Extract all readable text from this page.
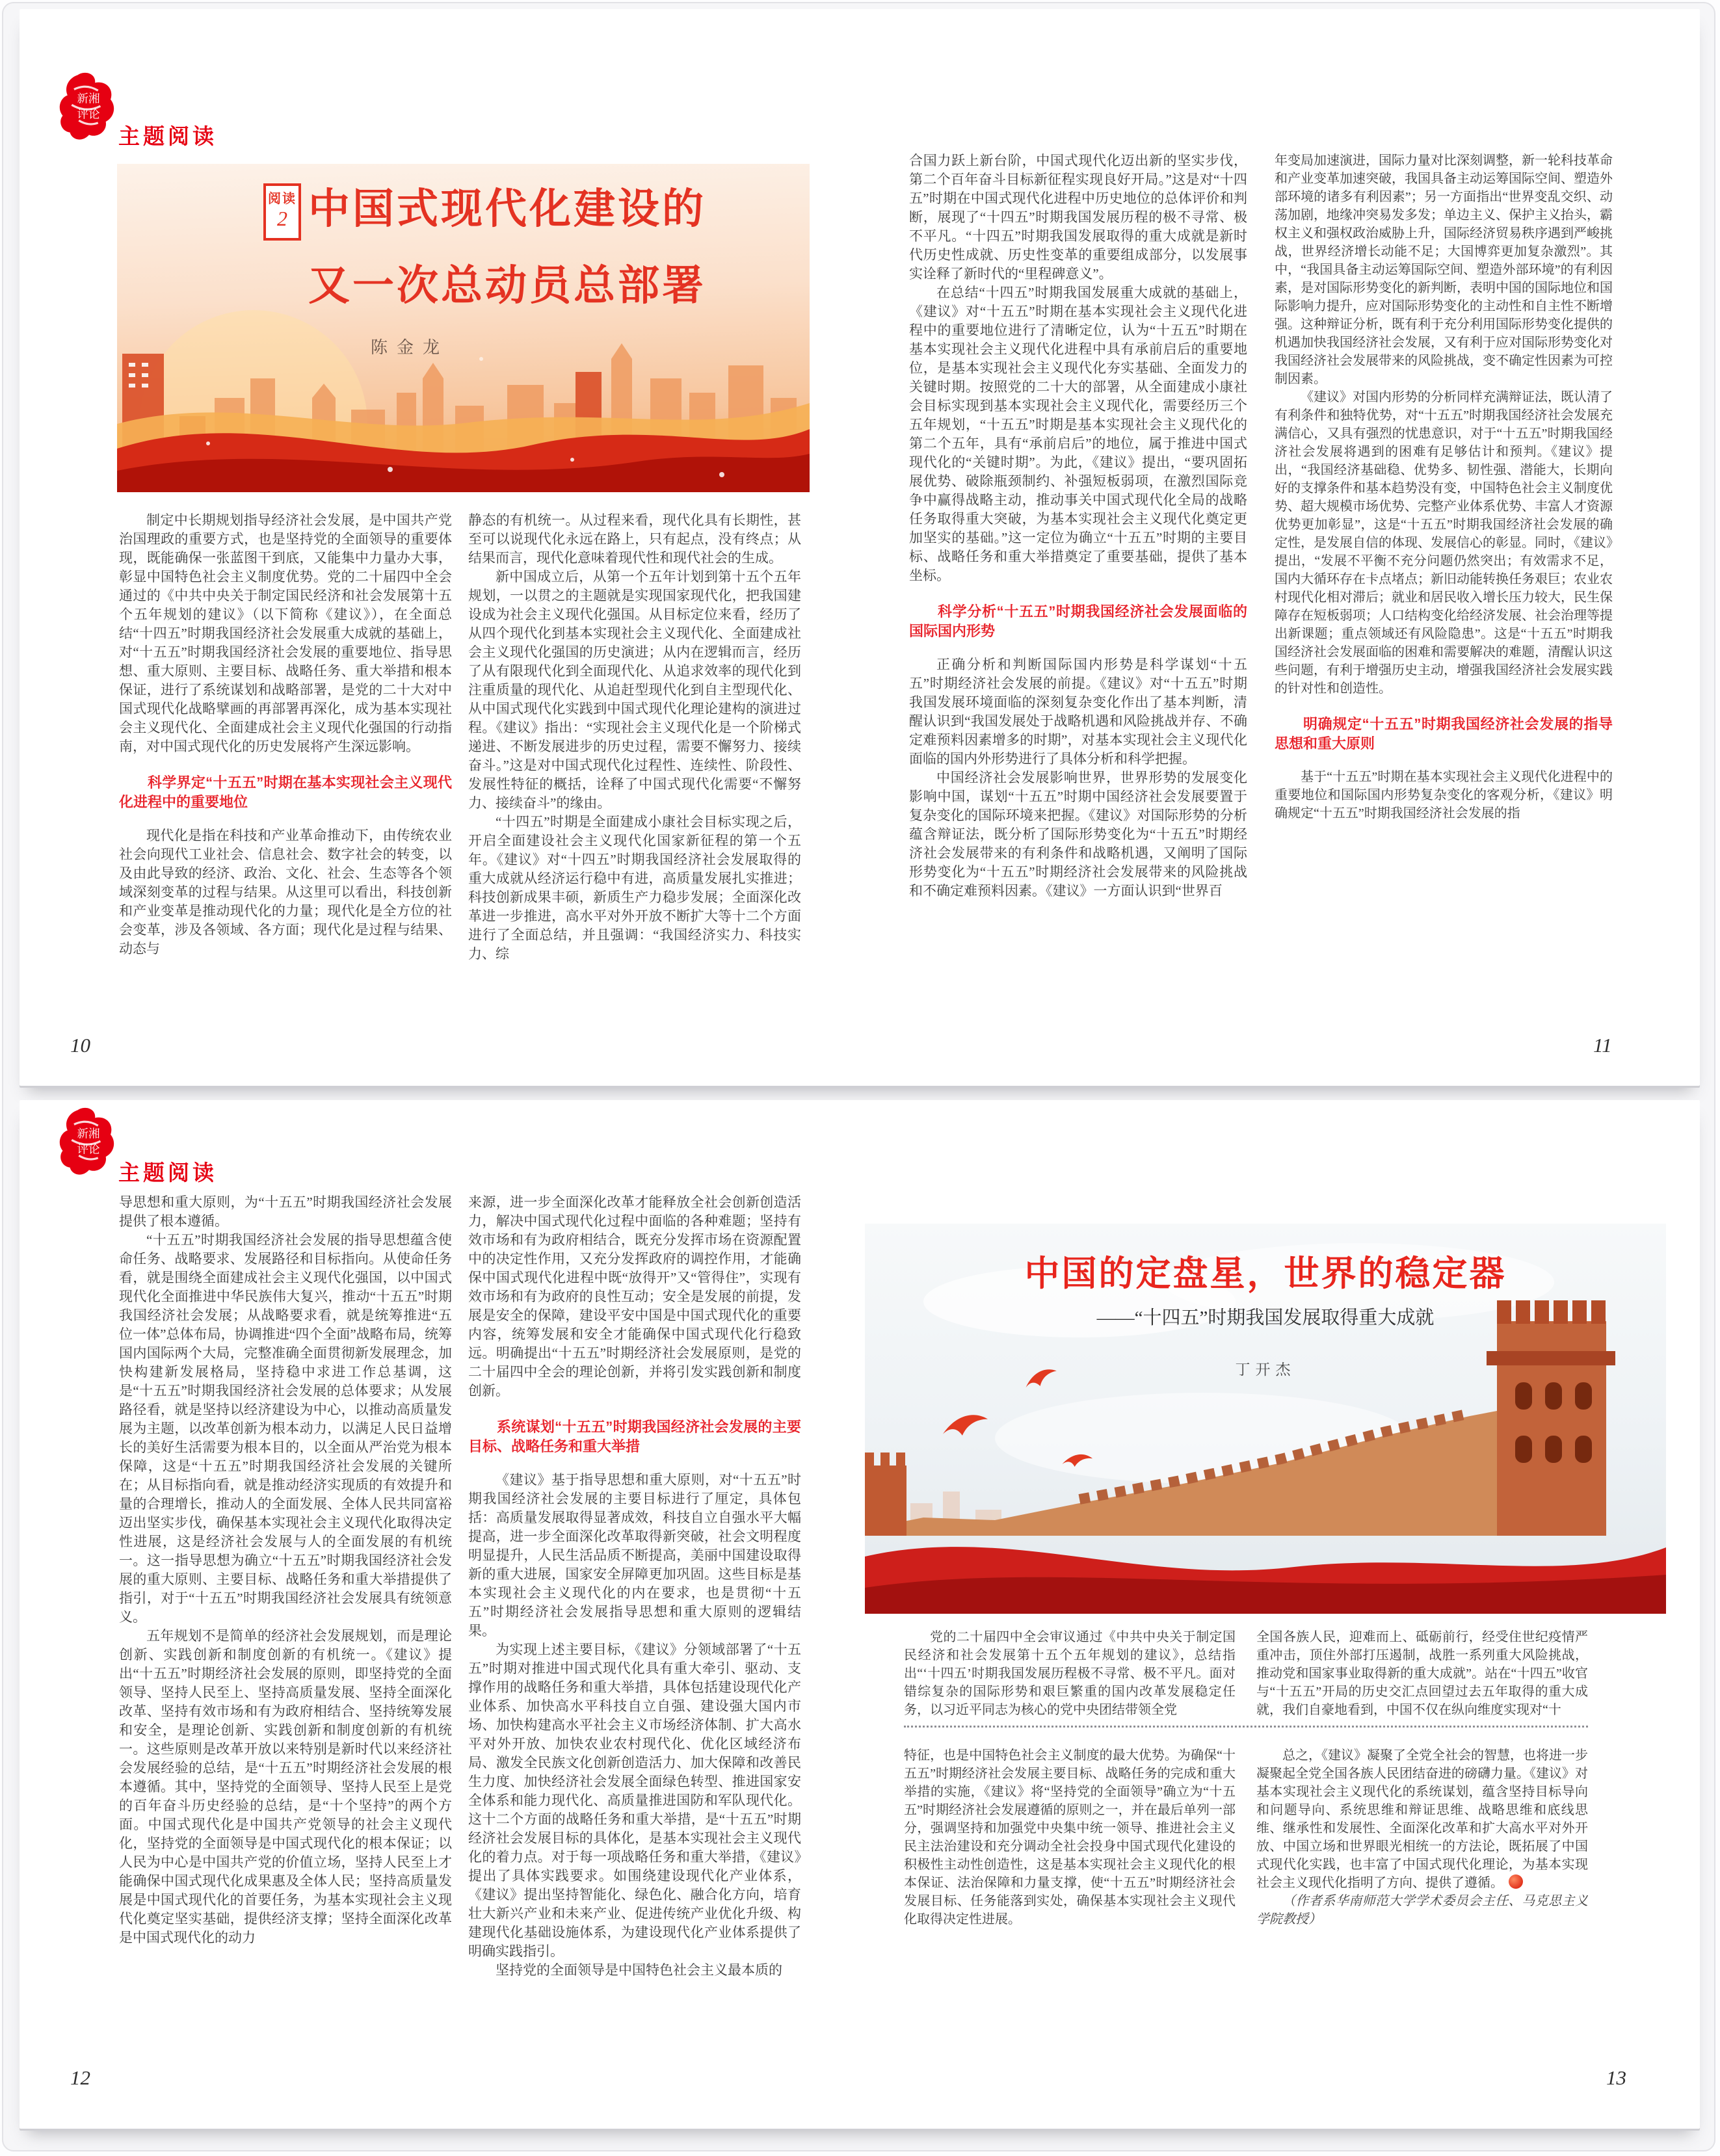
新湘
评论
主题阅读
阅读
2 中国式现代化建设的
又一次总动员总部署
陈金龙

制定中长期规划指导经济社会发展，是中国共产党治国理政的重要方式，也是坚持党的全面领导的重要体现，既能确保一张蓝图干到底，又能集中力量办大事，彰显中国特色社会主义制度优势。党的二十届四中全会通过的《中共中央关于制定国民经济和社会发展第十五个五年规划的建议》（以下简称《建议》），在全面总结“十四五”时期我国经济社会发展重大成就的基础上，对“十五五”时期我国经济社会发展的重要地位、指导思想、重大原则、主要目标、战略任务、重大举措和根本保证，进行了系统谋划和战略部署，是党的二十大对中国式现代化战略擘画的再部署再深化，成为基本实现社会主义现代化、全面建成社会主义现代化强国的行动指南，对中国式现代化的历史发展将产生深远影响。

科学界定“十五五”时期在基本实现社会主义现代化进程中的重要地位

现代化是指在科技和产业革命推动下，由传统农业社会向现代工业社会、信息社会、数字社会的转变，以及由此导致的经济、政治、文化、社会、生态等各个领域深刻变革的过程与结果。从这里可以看出，科技创新和产业变革是推动现代化的力量；现代化是全方位的社会变革，涉及各领域、各方面；现代化是过程与结果、动态与

静态的有机统一。从过程来看，现代化具有长期性，甚至可以说现代化永远在路上，只有起点，没有终点；从结果而言，现代化意味着现代性和现代社会的生成。

新中国成立后，从第一个五年计划到第十五个五年规划，一以贯之的主题就是实现国家现代化，把我国建设成为社会主义现代化强国。从目标定位来看，经历了从四个现代化到基本实现社会主义现代化、全面建成社会主义现代化强国的历史演进；从内在逻辑而言，经历了从有限现代化到全面现代化、从追求效率的现代化到注重质量的现代化、从追赶型现代化到自主型现代化、从中国式现代化实践到中国式现代化理论建构的演进过程。《建议》指出：“实现社会主义现代化是一个阶梯式递进、不断发展进步的历史过程，需要不懈努力、接续奋斗。”这是对中国式现代化过程性、连续性、阶段性、发展性特征的概括，诠释了中国式现代化需要“不懈努力、接续奋斗”的缘由。

“十四五”时期是全面建成小康社会目标实现之后，开启全面建设社会主义现代化国家新征程的第一个五年。《建议》对“十四五”时期我国经济社会发展取得的重大成就从经济运行稳中有进，高质量发展扎实推进；科技创新成果丰硕，新质生产力稳步发展；全面深化改革进一步推进，高水平对外开放不断扩大等十二个方面进行了全面总结，并且强调：“我国经济实力、科技实力、综

合国力跃上新台阶，中国式现代化迈出新的坚实步伐，第二个百年奋斗目标新征程实现良好开局。”这是对“十四五”时期在中国式现代化进程中历史地位的总体评价和判断，展现了“十四五”时期我国发展历程的极不寻常、极不平凡。“十四五”时期我国发展取得的重大成就是新时代历史性成就、历史性变革的重要组成部分，以发展事实诠释了新时代的“里程碑意义”。

在总结“十四五”时期我国发展重大成就的基础上，《建议》对“十五五”时期在基本实现社会主义现代化进程中的重要地位进行了清晰定位，认为“十五五”时期在基本实现社会主义现代化进程中具有承前启后的重要地位，是基本实现社会主义现代化夯实基础、全面发力的关键时期。按照党的二十大的部署，从全面建成小康社会目标实现到基本实现社会主义现代化，需要经历三个五年规划，“十五五”时期是基本实现社会主义现代化的第二个五年，具有“承前启后”的地位，属于推进中国式现代化的“关键时期”。为此，《建议》提出，“要巩固拓展优势、破除瓶颈制约、补强短板弱项，在激烈国际竞争中赢得战略主动，推动事关中国式现代化全局的战略任务取得重大突破，为基本实现社会主义现代化奠定更加坚实的基础。”这一定位为确立“十五五”时期的主要目标、战略任务和重大举措奠定了重要基础，提供了基本坐标。

科学分析“十五五”时期我国经济社会发展面临的国际国内形势

正确分析和判断国际国内形势是科学谋划“十五五”时期经济社会发展的前提。《建议》对“十五五”时期我国发展环境面临的深刻复杂变化作出了基本判断，清醒认识到“我国发展处于战略机遇和风险挑战并存、不确定难预料因素增多的时期”，对基本实现社会主义现代化面临的国内外形势进行了具体分析和科学把握。

中国经济社会发展影响世界，世界形势的发展变化影响中国，谋划“十五五”时期中国经济社会发展要置于复杂变化的国际环境来把握。《建议》对国际形势的分析蕴含辩证法，既分析了国际形势变化为“十五五”时期经济社会发展带来的有利条件和战略机遇，又阐明了国际形势变化为“十五五”时期经济社会发展带来的风险挑战和不确定难预料因素。《建议》一方面认识到“世界百

年变局加速演进，国际力量对比深刻调整，新一轮科技革命和产业变革加速突破，我国具备主动运筹国际空间、塑造外部环境的诸多有利因素”；另一方面指出“世界变乱交织、动荡加剧，地缘冲突易发多发；单边主义、保护主义抬头，霸权主义和强权政治威胁上升，国际经济贸易秩序遇到严峻挑战，世界经济增长动能不足；大国博弈更加复杂激烈”。其中，“我国具备主动运筹国际空间、塑造外部环境”的有利因素，是对国际形势变化的新判断，表明中国的国际地位和国际影响力提升，应对国际形势变化的主动性和自主性不断增强。这种辩证分析，既有利于充分利用国际形势变化提供的机遇加快我国经济社会发展，又有利于应对国际形势变化对我国经济社会发展带来的风险挑战，变不确定性因素为可控制因素。

《建议》对国内形势的分析同样充满辩证法，既认清了有利条件和独特优势，对“十五五”时期我国经济社会发展充满信心，又具有强烈的忧患意识，对于“十五五”时期我国经济社会发展将遇到的困难有足够估计和预判。《建议》提出，“我国经济基础稳、优势多、韧性强、潜能大，长期向好的支撑条件和基本趋势没有变，中国特色社会主义制度优势、超大规模市场优势、完整产业体系优势、丰富人才资源优势更加彰显”，这是“十五五”时期我国经济社会发展的确定性，是发展自信的体现、发展信心的彰显。同时，《建议》提出，“发展不平衡不充分问题仍然突出；有效需求不足，国内大循环存在卡点堵点；新旧动能转换任务艰巨；农业农村现代化相对滞后；就业和居民收入增长压力较大，民生保障存在短板弱项；人口结构变化给经济发展、社会治理等提出新课题；重点领域还有风险隐患”。这是“十五五”时期我国经济社会发展面临的困难和需要解决的难题，清醒认识这些问题，有利于增强历史主动，增强我国经济社会发展实践的针对性和创造性。

明确规定“十五五”时期我国经济社会发展的指导思想和重大原则

基于“十五五”时期在基本实现社会主义现代化进程中的重要地位和国际国内形势复杂变化的客观分析，《建议》明确规定“十五五”时期我国经济社会发展的指

10	11
新湘
评论
主题阅读

导思想和重大原则，为“十五五”时期我国经济社会发展提供了根本遵循。

“十五五”时期我国经济社会发展的指导思想蕴含使命任务、战略要求、发展路径和目标指向。从使命任务看，就是围绕全面建成社会主义现代化强国，以中国式现代化全面推进中华民族伟大复兴，推动“十五五”时期我国经济社会发展；从战略要求看，就是统筹推进“五位一体”总体布局，协调推进“四个全面”战略布局，统筹国内国际两个大局，完整准确全面贯彻新发展理念，加快构建新发展格局，坚持稳中求进工作总基调，这是“十五五”时期我国经济社会发展的总体要求；从发展路径看，就是坚持以经济建设为中心，以推动高质量发展为主题，以改革创新为根本动力，以满足人民日益增长的美好生活需要为根本目的，以全面从严治党为根本保障，这是“十五五”时期我国经济社会发展的关键所在；从目标指向看，就是推动经济实现质的有效提升和量的合理增长，推动人的全面发展、全体人民共同富裕迈出坚实步伐，确保基本实现社会主义现代化取得决定性进展，这是经济社会发展与人的全面发展的有机统一。这一指导思想为确立“十五五”时期我国经济社会发展的重大原则、主要目标、战略任务和重大举措提供了指引，对于“十五五”时期我国经济社会发展具有统领意义。

五年规划不是简单的经济社会发展规划，而是理论创新、实践创新和制度创新的有机统一。《建议》提出“十五五”时期经济社会发展的原则，即坚持党的全面领导、坚持人民至上、坚持高质量发展、坚持全面深化改革、坚持有效市场和有为政府相结合、坚持统筹发展和安全，是理论创新、实践创新和制度创新的有机统一。这些原则是改革开放以来特别是新时代以来经济社会发展经验的总结，是“十五五”时期经济社会发展的根本遵循。其中，坚持党的全面领导、坚持人民至上是党的百年奋斗历史经验的总结，是“十个坚持”的两个方面。中国式现代化是中国共产党领导的社会主义现代化，坚持党的全面领导是中国式现代化的根本保证；以人民为中心是中国共产党的价值立场，坚持人民至上才能确保中国式现代化成果惠及全体人民；坚持高质量发展是中国式现代化的首要任务，为基本实现社会主义现代化奠定坚实基础，提供经济支撑；坚持全面深化改革是中国式现代化的动力

来源，进一步全面深化改革才能释放全社会创新创造活力，解决中国式现代化过程中面临的各种难题；坚持有效市场和有为政府相结合，既充分发挥市场在资源配置中的决定性作用，又充分发挥政府的调控作用，才能确保中国式现代化进程中既“放得开”又“管得住”，实现有效市场和有为政府的良性互动；安全是发展的前提，发展是安全的保障，建设平安中国是中国式现代化的重要内容，统筹发展和安全才能确保中国式现代化行稳致远。明确提出“十五五”时期经济社会发展原则，是党的二十届四中全会的理论创新，并将引发实践创新和制度创新。

系统谋划“十五五”时期我国经济社会发展的主要目标、战略任务和重大举措

《建议》基于指导思想和重大原则，对“十五五”时期我国经济社会发展的主要目标进行了厘定，具体包括：高质量发展取得显著成效，科技自立自强水平大幅提高，进一步全面深化改革取得新突破，社会文明程度明显提升，人民生活品质不断提高，美丽中国建设取得新的重大进展，国家安全屏障更加巩固。这些目标是基本实现社会主义现代化的内在要求，也是贯彻“十五五”时期经济社会发展指导思想和重大原则的逻辑结果。

为实现上述主要目标，《建议》分领域部署了“十五五”时期对推进中国式现代化具有重大牵引、驱动、支撑作用的战略任务和重大举措，具体包括建设现代化产业体系、加快高水平科技自立自强、建设强大国内市场、加快构建高水平社会主义市场经济体制、扩大高水平对外开放、加快农业农村现代化、优化区域经济布局、激发全民族文化创新创造活力、加大保障和改善民生力度、加快经济社会发展全面绿色转型、推进国家安全体系和能力现代化、高质量推进国防和军队现代化。这十二个方面的战略任务和重大举措，是“十五五”时期经济社会发展目标的具体化，是基本实现社会主义现代化的着力点。对于每一项战略任务和重大举措，《建议》提出了具体实践要求。如围绕建设现代化产业体系，《建议》提出坚持智能化、绿色化、融合化方向，培育壮大新兴产业和未来产业、促进传统产业优化升级、构建现代化基础设施体系，为建设现代化产业体系提供了明确实践指引。

坚持党的全面领导是中国特色社会主义最本质的

中国的定盘星，世界的稳定器
——“十四五”时期我国发展取得重大成就
丁开杰

党的二十届四中全会审议通过《中共中央关于制定国民经济和社会发展第十五个五年规划的建议》，总结指出“‘十四五’时期我国发展历程极不寻常、极不平凡。面对错综复杂的国际形势和艰巨繁重的国内改革发展稳定任务，以习近平同志为核心的党中央团结带领全党

全国各族人民，迎难而上、砥砺前行，经受住世纪疫情严重冲击，顶住外部打压遏制，战胜一系列重大风险挑战，推动党和国家事业取得新的重大成就”。站在“十四五”收官与“十五五”开局的历史交汇点回望过去五年取得的重大成就，我们自豪地看到，中国不仅在纵向维度实现对“十

特征，也是中国特色社会主义制度的最大优势。为确保“十五五”时期经济社会发展主要目标、战略任务的完成和重大举措的实施，《建议》将“坚持党的全面领导”确立为“十五五”时期经济社会发展遵循的原则之一，并在最后单列一部分，强调坚持和加强党中央集中统一领导、推进社会主义民主法治建设和充分调动全社会投身中国式现代化建设的积极性主动性创造性，这是基本实现社会主义现代化的根本保证、法治保障和力量支撑，使“十五五”时期经济社会发展目标、任务能落到实处，确保基本实现社会主义现代化取得决定性进展。

总之，《建议》凝聚了全党全社会的智慧，也将进一步凝聚起全党全国各族人民团结奋进的磅礴力量。《建议》对基本实现社会主义现代化的系统谋划，蕴含坚持目标导向和问题导向、系统思维和辩证思维、战略思维和底线思维、继承性和发展性、全面深化改革和扩大高水平对外开放、中国立场和世界眼光相统一的方法论，既拓展了中国式现代化实践，也丰富了中国式现代化理论，为基本实现社会主义现代化指明了方向、提供了遵循。

（作者系华南师范大学学术委员会主任、马克思主义学院教授）

12	13
